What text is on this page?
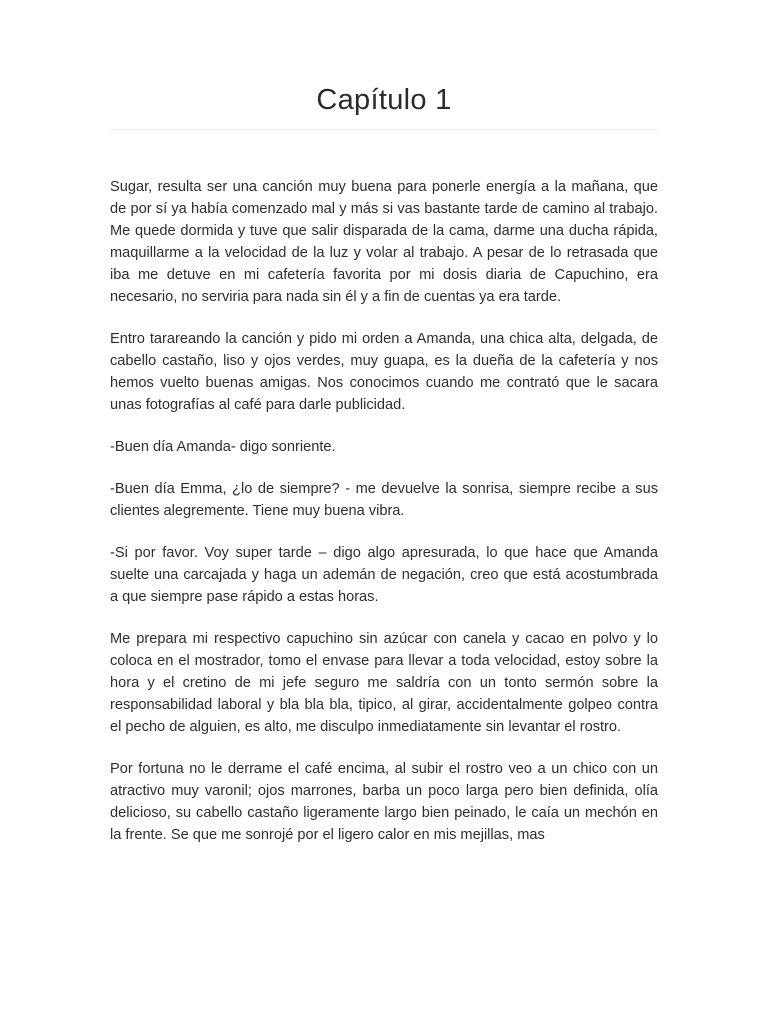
Capítulo 1

Sugar, resulta ser una canción muy buena para ponerle energía a la mañana, que de por sí ya había comenzado mal y más si vas bastante tarde de camino al trabajo. Me quede dormida y tuve que salir disparada de la cama, darme una ducha rápida, maquillarme a la velocidad de la luz y volar al trabajo. A pesar de lo retrasada que iba me detuve en mi cafetería favorita por mi dosis diaria de Capuchino, era necesario, no serviria para nada sin él y a fin de cuentas ya era tarde.

Entro tarareando la canción y pido mi orden a Amanda, una chica alta, delgada, de cabello castaño, liso y ojos verdes, muy guapa, es la dueña de la cafetería y nos hemos vuelto buenas amigas. Nos conocimos cuando me contrató que le sacara unas fotografías al café para darle publicidad.

-Buen día Amanda- digo sonriente.

-Buen día Emma, ¿lo de siempre? - me devuelve la sonrisa, siempre recibe a sus clientes alegremente. Tiene muy buena vibra.

-Si por favor. Voy super tarde – digo algo apresurada, lo que hace que Amanda suelte una carcajada y haga un ademán de negación, creo que está acostumbrada a que siempre pase rápido a estas horas.

Me prepara mi respectivo capuchino sin azúcar con canela y cacao en polvo y lo coloca en el mostrador, tomo el envase para llevar a toda velocidad, estoy sobre la hora y el cretino de mi jefe seguro me saldría con un tonto sermón sobre la responsabilidad laboral y bla bla bla, tipico, al girar, accidentalmente golpeo contra el pecho de alguien, es alto, me disculpo inmediatamente sin levantar el rostro.

Por fortuna no le derrame el café encima, al subir el rostro veo a un chico con un atractivo muy varonil; ojos marrones, barba un poco larga pero bien definida, olía delicioso, su cabello castaño ligeramente largo bien peinado, le caía un mechón en la frente. Se que me sonrojé por el ligero calor en mis mejillas, mas
